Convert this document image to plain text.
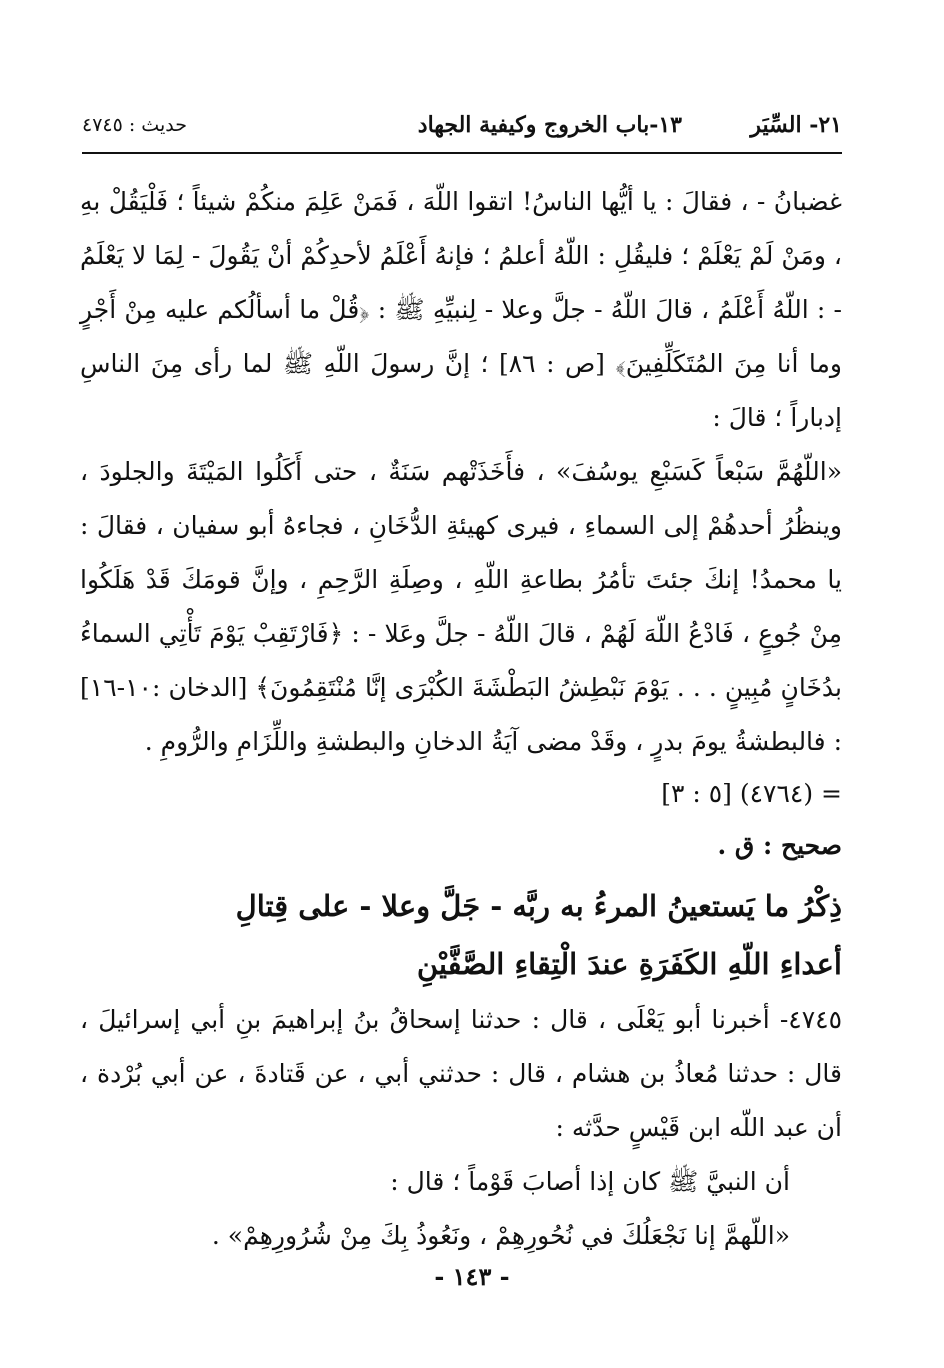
٢١- السِّيَر
١٣-باب الخروج وكيفية الجهاد
حديث : ٤٧٤٥

غضبانُ - ، فقالَ : يا أيُّها الناسُ! اتقوا اللّهَ ، فَمَنْ عَلِمَ منكُمْ شيئاً ؛ فَلْيَقُلْ بهِ ، ومَنْ لَمْ يَعْلَمْ ؛ فليقُلِ : اللّهُ أعلمُ ؛ فإنهُ أَعْلَمُ لأحدِكُمْ أنْ يَقُولَ - لِمَا لا يَعْلَمُ - : اللّهُ أَعْلَمُ ، قالَ اللّهُ - جلَّ وعلا - لِنبيِّهِ ﷺ : ﴿قُلْ ما أسألُكم عليه مِنْ أَجْرٍ وما أنا مِنَ المُتَكَلِّفِينَ﴾ [ص : ٨٦] ؛ إنَّ رسولَ اللّهِ ﷺ لما رأى مِنَ الناسِ إدباراً ؛ قالَ :

«اللّهُمَّ سَبْعاً كَسَبْعِ يوسُفَ» ، فأَخَذَتْهم سَنَةٌ ، حتى أَكَلُوا المَيْتَةَ والجلودَ ، وينظُرُ أحدهُمْ إلى السماءِ ، فيرى كهيئةِ الدُّخَانِ ، فجاءهُ أبو سفيان ، فقالَ : يا محمدُ! إنكَ جئتَ تأمُرُ بطاعةِ اللّهِ ، وصِلَةِ الرَّحِمِ ، وإنَّ قومَكَ قَدْ هَلَكُوا مِنْ جُوعٍ ، فَادْعُ اللّهَ لَهُمْ ، قالَ اللّهُ - جلَّ وعَلا - : ﴿فَارْتَقِبْ يَوْمَ تَأْتِي السماءُ بدُخَانٍ مُبِينٍ . . . يَوْمَ نَبْطِشُ البَطْشَةَ الكُبْرَى إنَّا مُنْتَقِمُونَ﴾ [الدخان :١٠-١٦] : فالبطشةُ يومَ بدرٍ ، وقَدْ مضى آيَةُ الدخانِ والبطشةِ واللِّزَامِ والرُّومِ .

= (٤٧٦٤) [٥ : ٣]

صحيح : ق .

ذِكْرُ ما يَستعينُ المرءُ به ربَّه - جَلَّ وعلا - على قِتالِ
أعداءِ اللّهِ الكَفَرَةِ عندَ الْتِقاءِ الصَّفَّيْنِ

٤٧٤٥- أخبرنا أبو يَعْلَى ، قال : حدثنا إسحاقُ بنُ إبراهيمَ بنِ أبي إسرائيلَ ، قال : حدثنا مُعاذُ بن هشام ، قال : حدثني أبي ، عن قَتادةَ ، عن أبي بُرْدة ، أن عبد اللّه ابن قَيْسٍ حدَّثه :

أن النبيَّ ﷺ كان إذا أصابَ قَوْماً ؛ قال :

«اللّهمَّ إنا نَجْعَلُكَ في نُحُورِهِمْ ، ونَعُوذُ بِكَ مِنْ شُرُورِهِمْ» .

- ١٤٣ -
